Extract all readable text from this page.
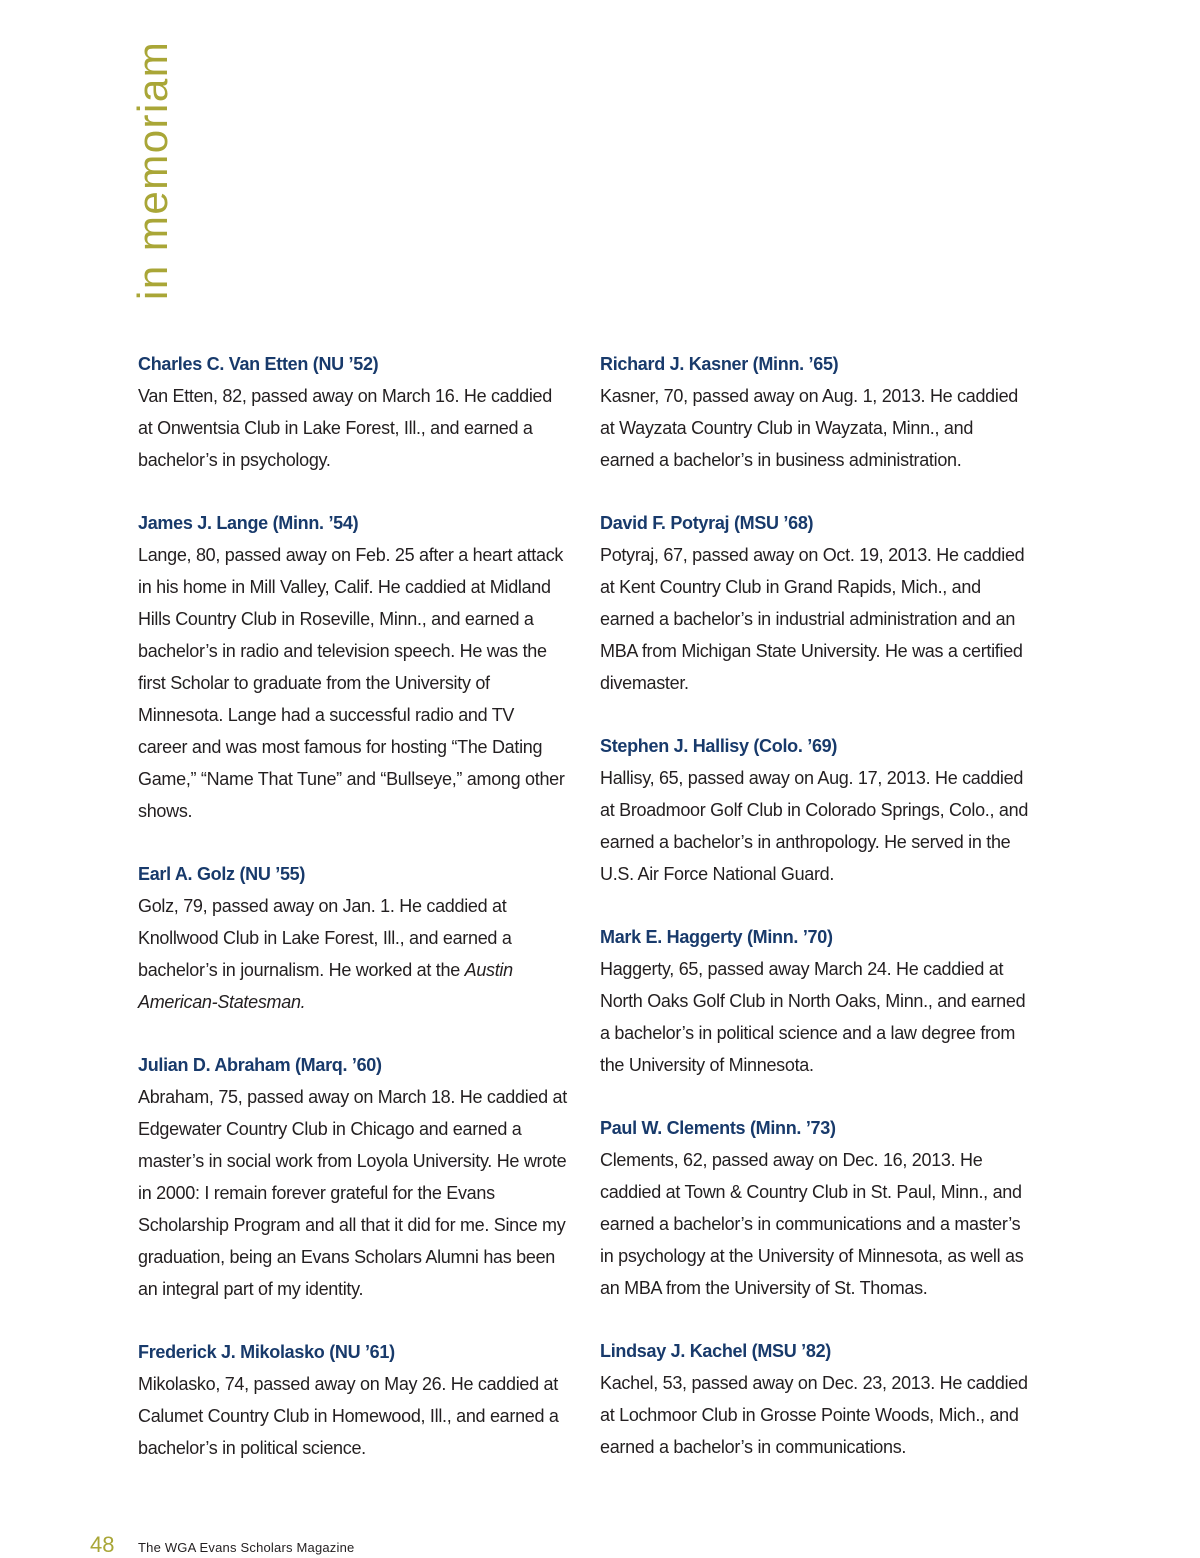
in memoriam

Charles C. Van Etten (NU ’52)

Van Etten, 82, passed away on March 16. He caddied at Onwentsia Club in Lake Forest, Ill., and earned a bachelor’s in psychology.

James J. Lange (Minn. ’54)

Lange, 80, passed away on Feb. 25 after a heart attack in his home in Mill Valley, Calif. He caddied at Midland Hills Country Club in Roseville, Minn., and earned a bachelor’s in radio and television speech. He was the first Scholar to graduate from the University of Minnesota. Lange had a successful radio and TV career and was most famous for hosting “The Dating Game,” “Name That Tune” and “Bullseye,” among other shows.

Earl A. Golz (NU ’55)

Golz, 79, passed away on Jan. 1. He caddied at Knollwood Club in Lake Forest, Ill., and earned a bachelor’s in journalism. He worked at the Austin American-Statesman.

Julian D. Abraham (Marq. ’60)

Abraham, 75, passed away on March 18. He caddied at Edgewater Country Club in Chicago and earned a master’s in social work from Loyola University. He wrote in 2000: I remain forever grateful for the Evans Scholarship Program and all that it did for me. Since my graduation, being an Evans Scholars Alumni has been an integral part of my identity.

Frederick J. Mikolasko (NU ’61)

Mikolasko, 74, passed away on May 26. He caddied at Calumet Country Club in Homewood, Ill., and earned a bachelor’s in political science.

Richard J. Kasner (Minn. ’65)

Kasner, 70, passed away on Aug. 1, 2013. He caddied at Wayzata Country Club in Wayzata, Minn., and earned a bachelor’s in business administration.

David F. Potyraj (MSU ’68)

Potyraj, 67, passed away on Oct. 19, 2013. He caddied at Kent Country Club in Grand Rapids, Mich., and earned a bachelor’s in industrial administration and an MBA from Michigan State University. He was a certified divemaster.

Stephen J. Hallisy (Colo. ’69)

Hallisy, 65, passed away on Aug. 17, 2013. He caddied at Broadmoor Golf Club in Colorado Springs, Colo., and earned a bachelor’s in anthropology. He served in the U.S. Air Force National Guard.

Mark E. Haggerty (Minn. ’70)

Haggerty, 65, passed away March 24. He caddied at North Oaks Golf Club in North Oaks, Minn., and earned a bachelor’s in political science and a law degree from the University of Minnesota.

Paul W. Clements (Minn. ’73)

Clements, 62, passed away on Dec. 16, 2013. He caddied at Town & Country Club in St. Paul, Minn., and earned a bachelor’s in communications and a master’s in psychology at the University of Minnesota, as well as an MBA from the University of St. Thomas.

Lindsay J. Kachel (MSU ’82)

Kachel, 53, passed away on Dec. 23, 2013. He caddied at Lochmoor Club in Grosse Pointe Woods, Mich., and earned a bachelor’s in communications.

48	The WGA Evans Scholars Magazine
